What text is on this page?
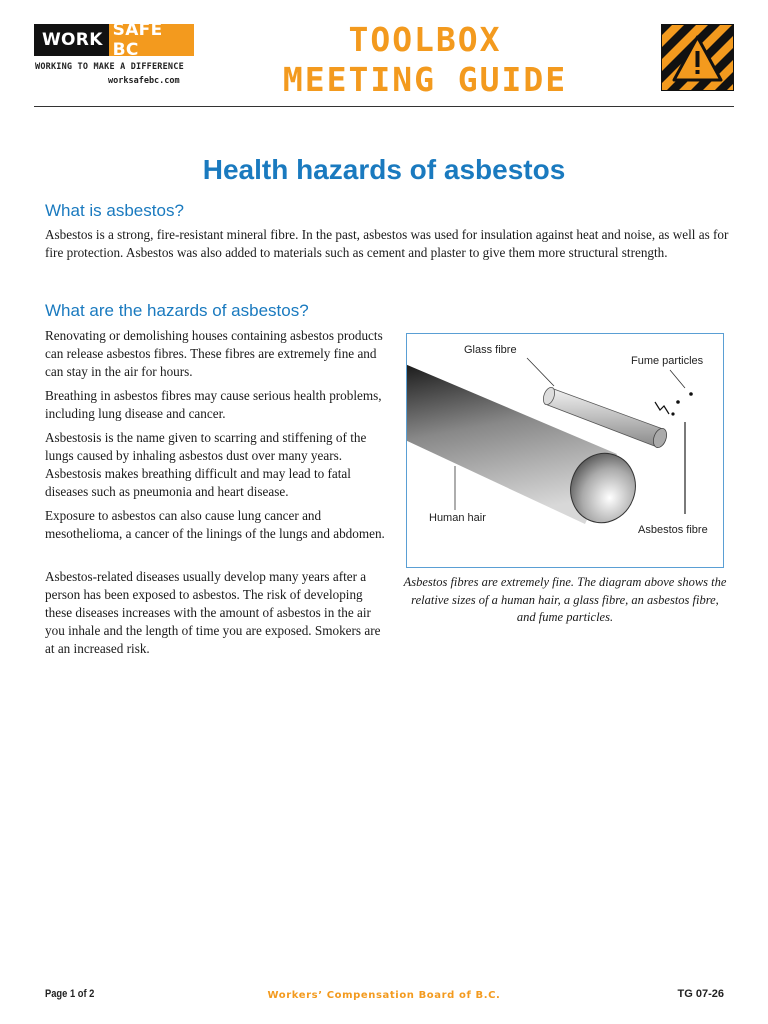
WORK SAFE BC
WORKING TO MAKE A DIFFERENCE
worksafebc.com
TOOLBOX
MEETING GUIDE
Health hazards of asbestos
What is asbestos?
Asbestos is a strong, fire-resistant mineral fibre. In the past, asbestos was used for insulation against heat and noise, as well as for fire protection. Asbestos was also added to materials such as cement and plaster to give them more structural strength.
What are the hazards of asbestos?
Renovating or demolishing houses containing asbestos products can release asbestos fibres. These fibres are extremely fine and can stay in the air for hours.
Breathing in asbestos fibres may cause serious health problems, including lung disease and cancer.
Asbestosis is the name given to scarring and stiffening of the lungs caused by inhaling asbestos dust over many years. Asbestosis makes breathing difficult and may lead to fatal diseases such as pneumonia and heart disease.
Exposure to asbestos can also cause lung cancer and mesothelioma, a cancer of the linings of the lungs and abdomen.
Asbestos-related diseases usually develop many years after a person has been exposed to asbestos. The risk of developing these diseases increases with the amount of asbestos in the air you inhale and the length of time you are exposed. Smokers are at an increased risk.
Glass fibre
Fume particles
Human hair
Asbestos fibre
Asbestos fibres are extremely fine. The diagram above shows the relative sizes of a human hair, a glass fibre, an asbestos fibre, and fume particles.
Page 1 of 2	Workers’ Compensation Board of B.C.	TG 07-26
